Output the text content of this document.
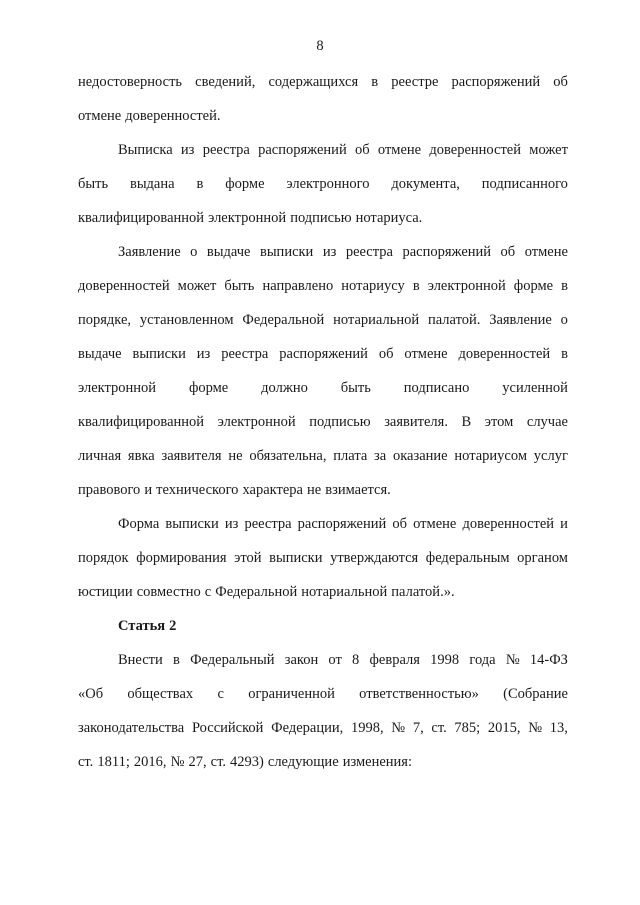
8
недостоверность сведений, содержащихся в реестре распоряжений об
отмене доверенностей.
Выписка из реестра распоряжений об отмене доверенностей может
быть выдана в форме электронного документа, подписанного
квалифицированной электронной подписью нотариуса.
Заявление о выдаче выписки из реестра распоряжений об отмене
доверенностей может быть направлено нотариусу в электронной форме в
порядке, установленном Федеральной нотариальной палатой. Заявление о
выдаче выписки из реестра распоряжений об отмене доверенностей в
электронной форме должно быть подписано усиленной
квалифицированной электронной подписью заявителя. В этом случае
личная явка заявителя не обязательна, плата за оказание нотариусом услуг
правового и технического характера не взимается.
Форма выписки из реестра распоряжений об отмене доверенностей и
порядок формирования этой выписки утверждаются федеральным органом
юстиции совместно с Федеральной нотариальной палатой.».
Статья 2
Внести в Федеральный закон от 8 февраля 1998 года № 14-ФЗ
«Об обществах с ограниченной ответственностью» (Собрание
законодательства Российской Федерации, 1998, № 7, ст. 785; 2015, № 13,
ст. 1811; 2016, № 27, ст. 4293) следующие изменения:
